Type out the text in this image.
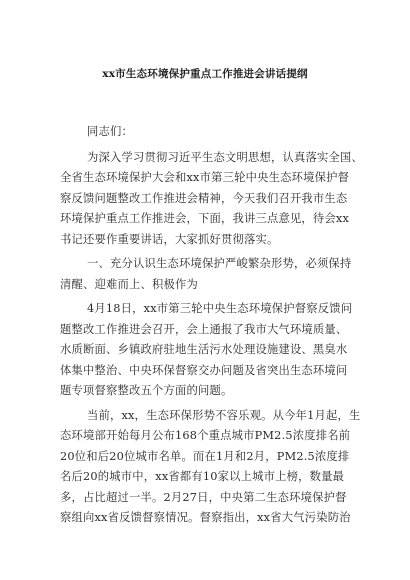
xx市生态环境保护重点工作推进会讲话提纲
同志们：
为深入学习贯彻习近平生态文明思想，认真落实全国、
全省生态环境保护大会和xx市第三轮中央生态环境保护督
察反馈问题整改工作推进会精神，今天我们召开我市生态
环境保护重点工作推进会，下面，我讲三点意见，待会xx
书记还要作重要讲话，大家抓好贯彻落实。
一、充分认识生态环境保护严峻繁杂形势，必须保持
清醒、迎难而上、积极作为
4月18日，xx市第三轮中央生态环境保护督察反馈问
题整改工作推进会召开，会上通报了我市大气环境质量、
水质断面、乡镇政府驻地生活污水处理设施建设、黑臭水
体集中整治、中央环保督察交办问题及省突出生态环境问
题专项督察整改五个方面的问题。
当前，xx，生态环保形势不容乐观。从今年1月起，生
态环境部开始每月公布168个重点城市PM2.5浓度排名前
20位和后20位城市名单。而在1月和2月，PM2.5浓度排
名后20的城市中，xx省都有10家以上城市上榜，数量最
多，占比超过一半。2月27日，中央第二生态环境保护督
察组向xx省反馈督察情况。督察指出，xx省大气污染防治
